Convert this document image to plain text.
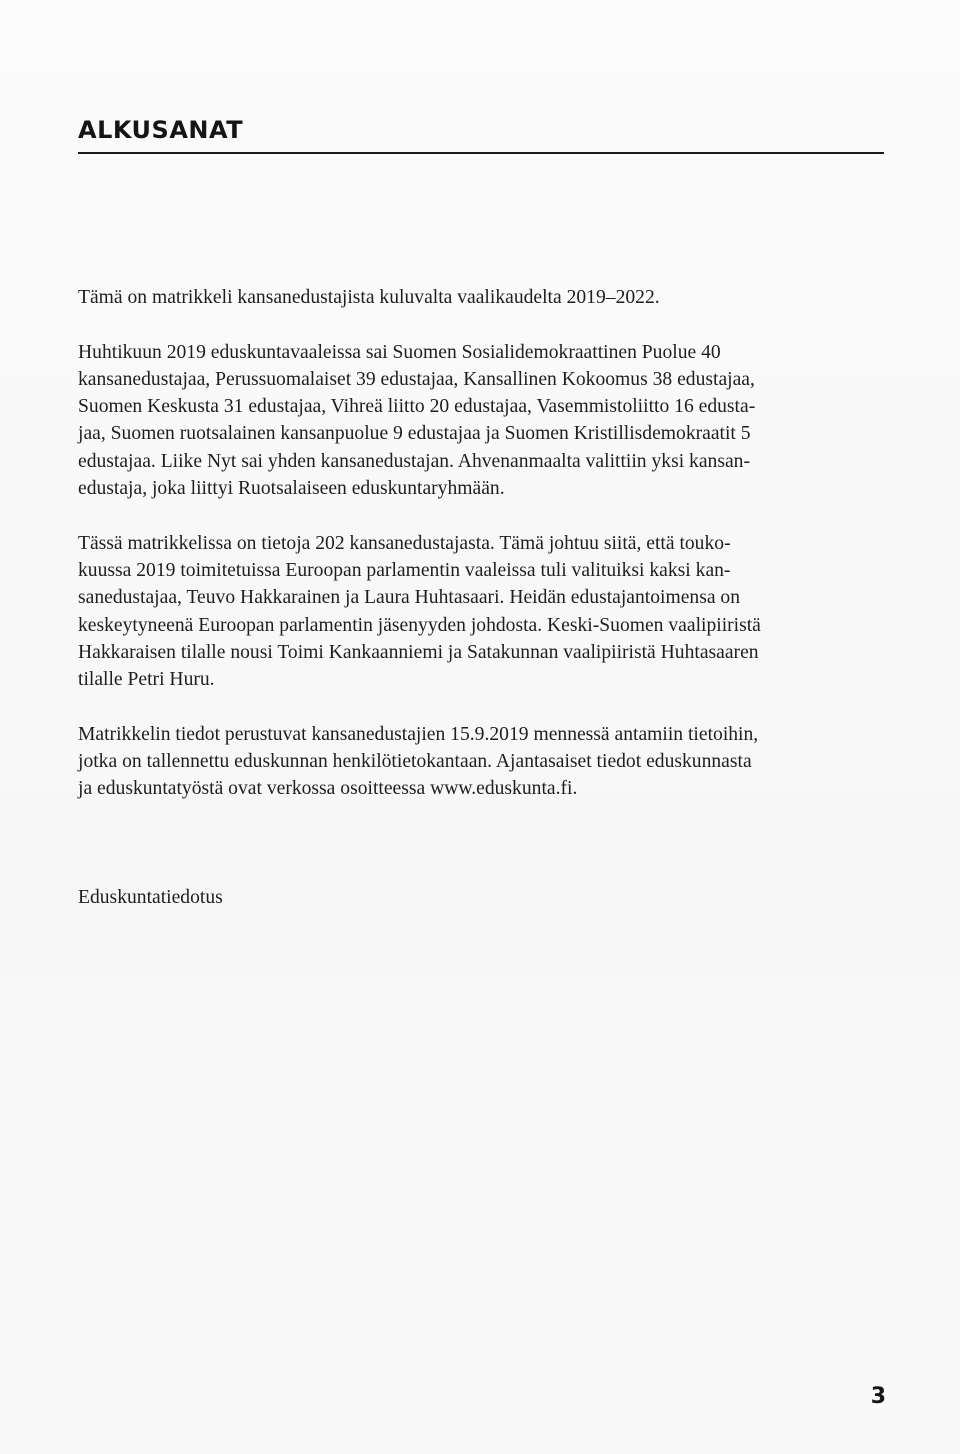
ALKUSANAT

Tämä on matrikkeli kansanedustajista kuluvalta vaalikaudelta 2019–2022.

Huhtikuun 2019 eduskuntavaaleissa sai Suomen Sosialidemokraattinen Puolue 40
kansanedustajaa, Perussuomalaiset 39 edustajaa, Kansallinen Kokoomus 38 edustajaa,
Suomen Keskusta 31 edustajaa, Vihreä liitto 20 edustajaa, Vasemmistoliitto 16 edusta-
jaa, Suomen ruotsalainen kansanpuolue 9 edustajaa ja Suomen Kristillisdemokraatit 5
edustajaa. Liike Nyt sai yhden kansanedustajan. Ahvenanmaalta valittiin yksi kansan-
edustaja, joka liittyi Ruotsalaiseen eduskuntaryhmään.

Tässä matrikkelissa on tietoja 202 kansanedustajasta. Tämä johtuu siitä, että touko-
kuussa 2019 toimitetuissa Euroopan parlamentin vaaleissa tuli valituiksi kaksi kan-
sanedustajaa, Teuvo Hakkarainen ja Laura Huhtasaari. Heidän edustajantoimensa on
keskeytyneenä Euroopan parlamentin jäsenyyden johdosta. Keski-Suomen vaalipiiristä
Hakkaraisen tilalle nousi Toimi Kankaanniemi ja Satakunnan vaalipiiristä Huhtasaaren
tilalle Petri Huru.

Matrikkelin tiedot perustuvat kansanedustajien 15.9.2019 mennessä antamiin tietoihin,
jotka on tallennettu eduskunnan henkilötietokantaan. Ajantasaiset tiedot eduskunnasta
ja eduskuntatyöstä ovat verkossa osoitteessa www.eduskunta.fi.

Eduskuntatiedotus
3
